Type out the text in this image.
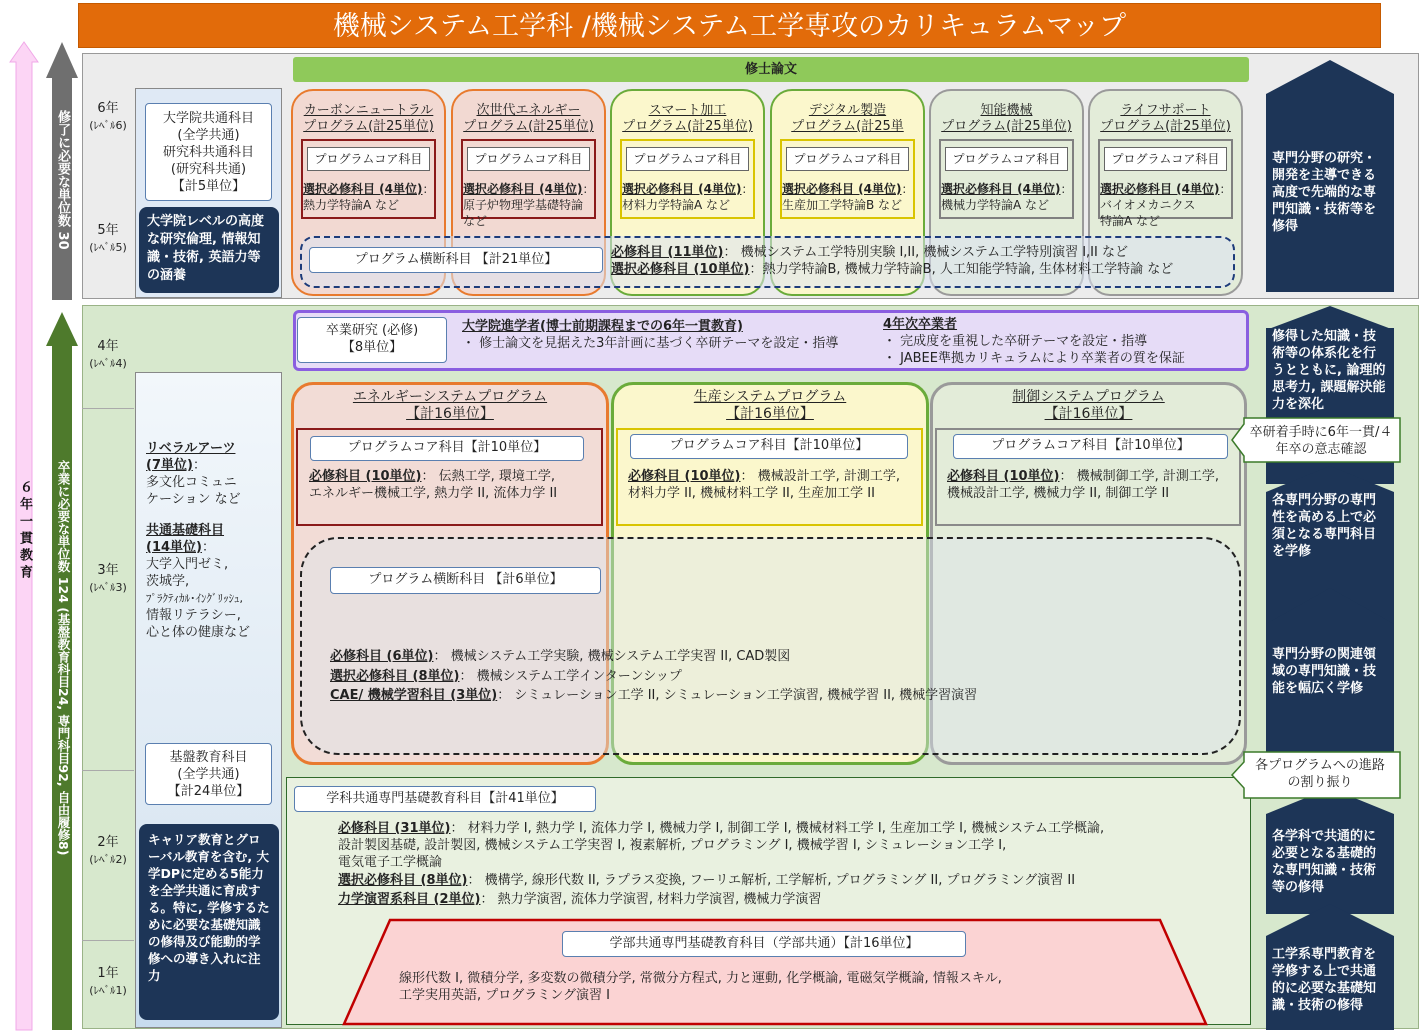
機械システム工学科 /機械システム工学専攻のカリキュラムマップ
６年一貫教育
修了に必要な単位数 30
卒業に必要な単位数 124 (基盤教育科目24, 専門科目92, 自由履修8)
6年
(ﾚﾍﾞﾙ6)
5年
(ﾚﾍﾞﾙ5)
4年
(ﾚﾍﾞﾙ4)
3年
(ﾚﾍﾞﾙ3)
2年
(ﾚﾍﾞﾙ2)
1年
(ﾚﾍﾞﾙ1)
大学院共通科目
(全学共通)
研究科共通科目
(研究科共通)
【計5単位】
大学院レベルの高度な研究倫理, 情報知識・技術, 英語力等の涵養
修士論文
カーボンニュートラル
プログラム(計25単位)
プログラムコア科目
選択必修科目 (4単位)：
熱力学特論A など

次世代エネルギー
プログラム(計25単位)
プログラムコア科目
選択必修科目 (4単位)：
原子炉物理学基礎特論
など
スマート加工
プログラム(計25単位)
プログラムコア科目
選択必修科目 (4単位)：
材料力学特論A など
デジタル製造
プログラム(計25単
プログラムコア科目
選択必修科目 (4単位)：
生産加工学特論B など
知能機械
プログラム(計25単位)
プログラムコア科目
選択必修科目 (4単位)：
機械力学特論A など
ライフサポート
プログラム(計25単位)
プログラムコア科目
選択必修科目 (4単位)：
バイオメカニクス
特論A など
プログラム横断科目 【計21単位】	必修科目 (11単位)： 機械システム工学特別実験 I,II, 機械システム工学特別演習 I,II など
選択必修科目 (10単位)：熱力学特論B, 機械力学特論B, 人工知能学特論, 生体材料工学特論 など
卒業研究 (必修)
【8単位】
大学院進学者(博士前期課程までの6年一貫教育)
・ 修士論文を見据えた3年計画に基づく卒研テーマを設定・指導
4年次卒業者
・ 完成度を重視した卒研テーマを設定・指導
・ JABEE準拠カリキュラムにより卒業者の質を保証
リベラルアーツ
(7単位)：
多文化コミュニ
ケーション など
共通基礎科目
(14単位)：
大学入門ゼミ,
茨城学,
ﾌﾟﾗｸﾃｨｶﾙ･ｲﾝｸﾞﾘｯｼｭ,
情報リテラシー,
心と体の健康など
基盤教育科目
(全学共通)
【計24単位】
キャリア教育とグローバル教育を含む, 大学DPに定める5能力を全学共通に育成する。特に, 学修するために必要な基礎知識の修得及び能動的学修への導き入れに注力
エネルギーシステムプログラム
【計16単位】
生産システムプログラム
【計16単位】
制御システムプログラム
【計16単位】
プログラムコア科目【計10単位】
必修科目 (10単位)： 伝熱工学, 環境工学,
エネルギー機械工学, 熱力学 II, 流体力学 II
プログラムコア科目【計10単位】
必修科目 (10単位)： 機械設計工学, 計測工学,
材料力学 II, 機械材料工学 II, 生産加工学 II
プログラムコア科目【計10単位】
必修科目 (10単位)： 機械制御工学, 計測工学,
機械設計工学, 機械力学 II, 制御工学 II
プログラム横断科目 【計6単位】
必修科目 (6単位)： 機械システム工学実験, 機械システム工学実習 II, CAD製図
選択必修科目 (8単位)： 機械システム工学インターンシップ
CAE/ 機械学習科目 (3単位)： シミュレーション工学 II, シミュレーション工学演習, 機械学習 II, 機械学習演習
学科共通専門基礎教育科目【計41単位】
必修科目 (31単位)： 材料力学 I, 熱力学 I, 流体力学 I, 機械力学 I, 制御工学 I, 機械材料工学 I, 生産加工学 I, 機械システム工学概論,
設計製図基礎, 設計製図, 機械システム工学実習 I, 複素解析, プログラミング I, 機械学習 I, シミュレーション工学 I,
電気電子工学概論
選択必修科目 (8単位)： 機構学, 線形代数 II, ラプラス変換, フーリエ解析, 工学解析, プログラミング II, プログラミング演習 II
力学演習系科目 (2単位)： 熱力学演習, 流体力学演習, 材料力学演習, 機械力学演習
学部共通専門基礎教育科目（学部共通）【計16単位】
線形代数 I, 微積分学, 多変数の微積分学, 常微分方程式, 力と運動, 化学概論, 電磁気学概論, 情報スキル,
工学実用英語, プログラミング演習 I
専門分野の研究・開発を主導できる高度で先端的な専門知識・技術等を修得
修得した知識・技術等の体系化を行うとともに, 論理的思考力, 課題解決能力を深化
各専門分野の専門性を高める上で必須となる専門科目を学修
専門分野の関連領域の専門知識・技能を幅広く学修
各学科で共通的に必要となる基礎的な専門知識・技術等の修得
工学系専門教育を学修する上で共通的に必要な基礎知識・技術の修得
卒研着手時に6年一貫/４年卒の意志確認
各プログラムへの進路の割り振り
